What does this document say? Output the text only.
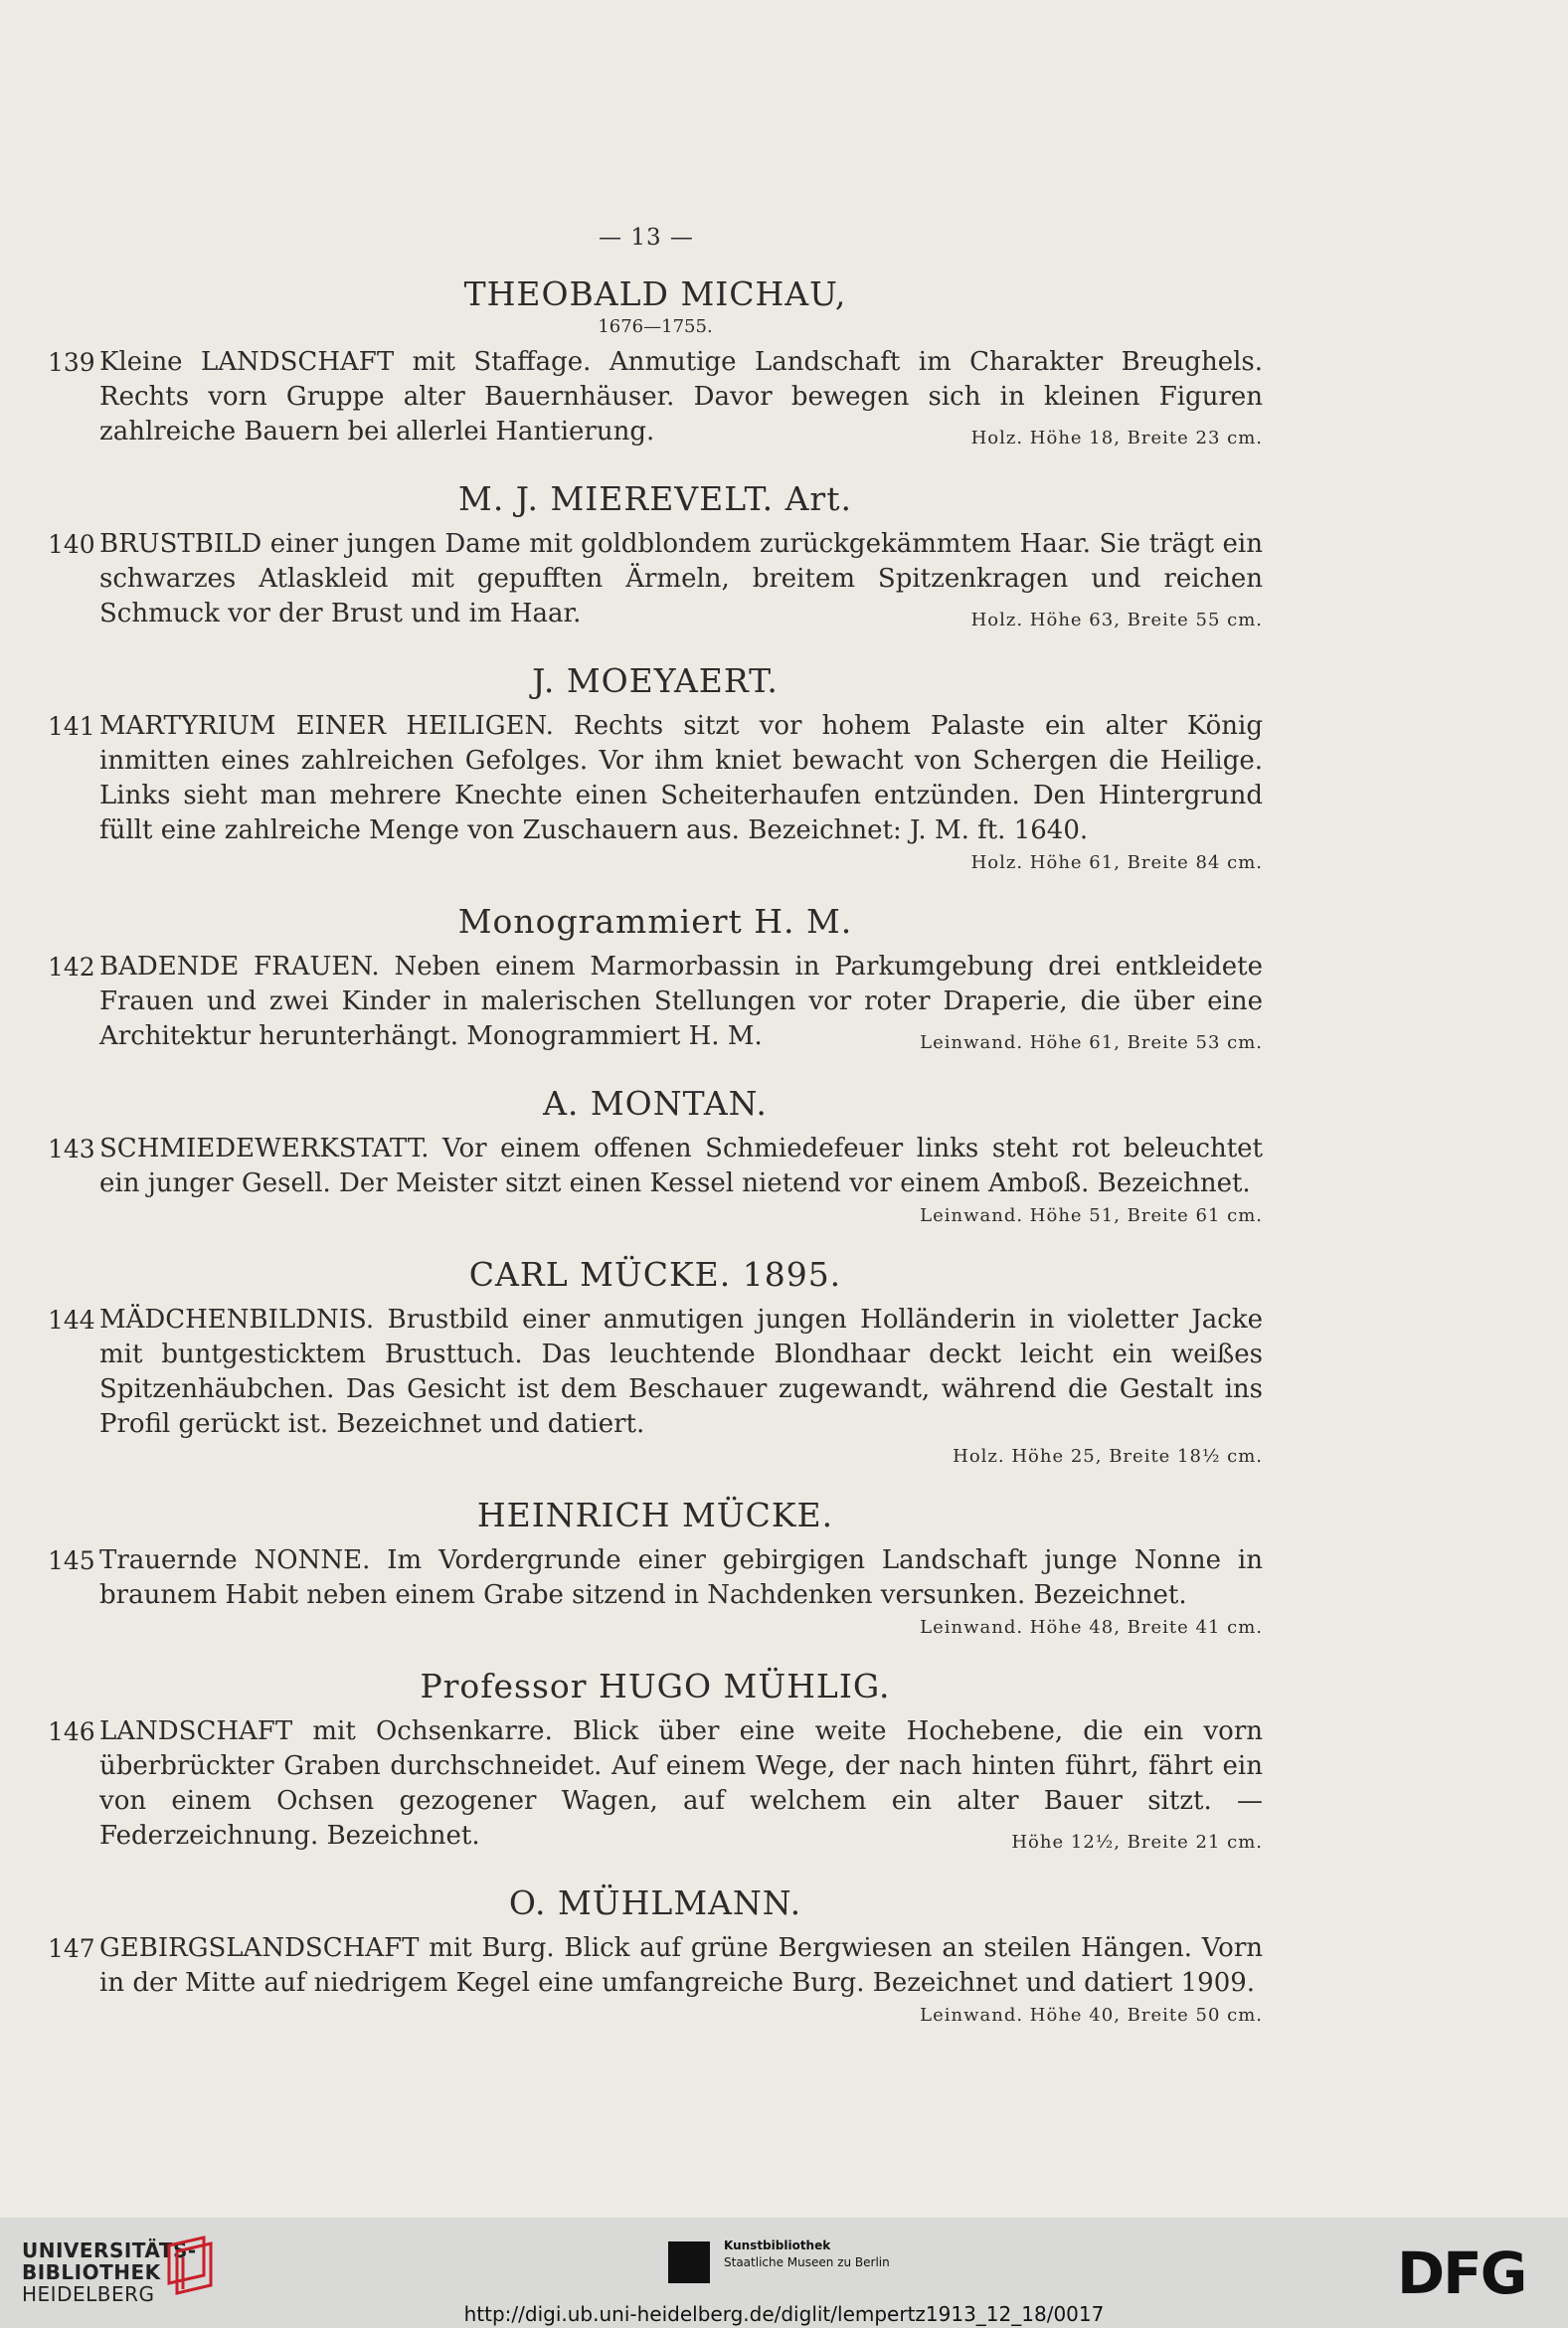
— 13 —
THEOBALD MICHAU,
1676—1755.
139 Kleine LANDSCHAFT mit Staffage. Anmutige Landschaft im Charakter Breughels. Rechts vorn Gruppe alter Bauernhäuser. Davor bewegen sich in kleinen Figuren zahlreiche Bauern bei allerlei Hantierung.	Holz. Höhe 18, Breite 23 cm.
M. J. MIEREVELT. Art.
140 BRUSTBILD einer jungen Dame mit goldblondem zurückgekämmtem Haar. Sie trägt ein schwarzes Atlaskleid mit gepufften Ärmeln, breitem Spitzenkragen und reichen Schmuck vor der Brust und im Haar.	Holz. Höhe 63, Breite 55 cm.
J. MOEYAERT.
141 MARTYRIUM EINER HEILIGEN. Rechts sitzt vor hohem Palaste ein alter König inmitten eines zahlreichen Gefolges. Vor ihm kniet bewacht von Schergen die Heilige. Links sieht man mehrere Knechte einen Scheiterhaufen entzünden. Den Hintergrund füllt eine zahlreiche Menge von Zuschauern aus. Bezeichnet: J. M. ft. 1640.
Holz. Höhe 61, Breite 84 cm.
Monogrammiert H. M.
142 BADENDE FRAUEN. Neben einem Marmorbassin in Parkumgebung drei entkleidete Frauen und zwei Kinder in malerischen Stellungen vor roter Draperie, die über eine Architektur herunterhängt. Monogrammiert H. M.	Leinwand. Höhe 61, Breite 53 cm.
A. MONTAN.
143 SCHMIEDEWERKSTATT. Vor einem offenen Schmiedefeuer links steht rot beleuchtet ein junger Gesell. Der Meister sitzt einen Kessel nietend vor einem Amboß. Bezeichnet.
Leinwand. Höhe 51, Breite 61 cm.
CARL MÜCKE. 1895.
144 MÄDCHENBILDNIS. Brustbild einer anmutigen jungen Holländerin in violetter Jacke mit buntgesticktem Brusttuch. Das leuchtende Blondhaar deckt leicht ein weißes Spitzenhäubchen. Das Gesicht ist dem Beschauer zugewandt, während die Gestalt ins Profil gerückt ist. Bezeichnet und datiert.
Holz. Höhe 25, Breite 18½ cm.
HEINRICH MÜCKE.
145 Trauernde NONNE. Im Vordergrunde einer gebirgigen Landschaft junge Nonne in braunem Habit neben einem Grabe sitzend in Nachdenken versunken. Bezeichnet.
Leinwand. Höhe 48, Breite 41 cm.
Professor HUGO MÜHLIG.
146 LANDSCHAFT mit Ochsenkarre. Blick über eine weite Hochebene, die ein vorn überbrückter Graben durchschneidet. Auf einem Wege, der nach hinten führt, fährt ein von einem Ochsen gezogener Wagen, auf welchem ein alter Bauer sitzt. — Federzeichnung. Bezeichnet.	Höhe 12½, Breite 21 cm.
O. MÜHLMANN.
147 GEBIRGSLANDSCHAFT mit Burg. Blick auf grüne Bergwiesen an steilen Hängen. Vorn in der Mitte auf niedrigem Kegel eine umfangreiche Burg. Bezeichnet und datiert 1909.
Leinwand. Höhe 40, Breite 50 cm.
UNIVERSITÄTS-
BIBLIOTHEK
HEIDELBERG
Kunstbibliothek
Staatliche Museen zu Berlin	DFG
http://digi.ub.uni-heidelberg.de/diglit/lempertz1913_12_18/0017
